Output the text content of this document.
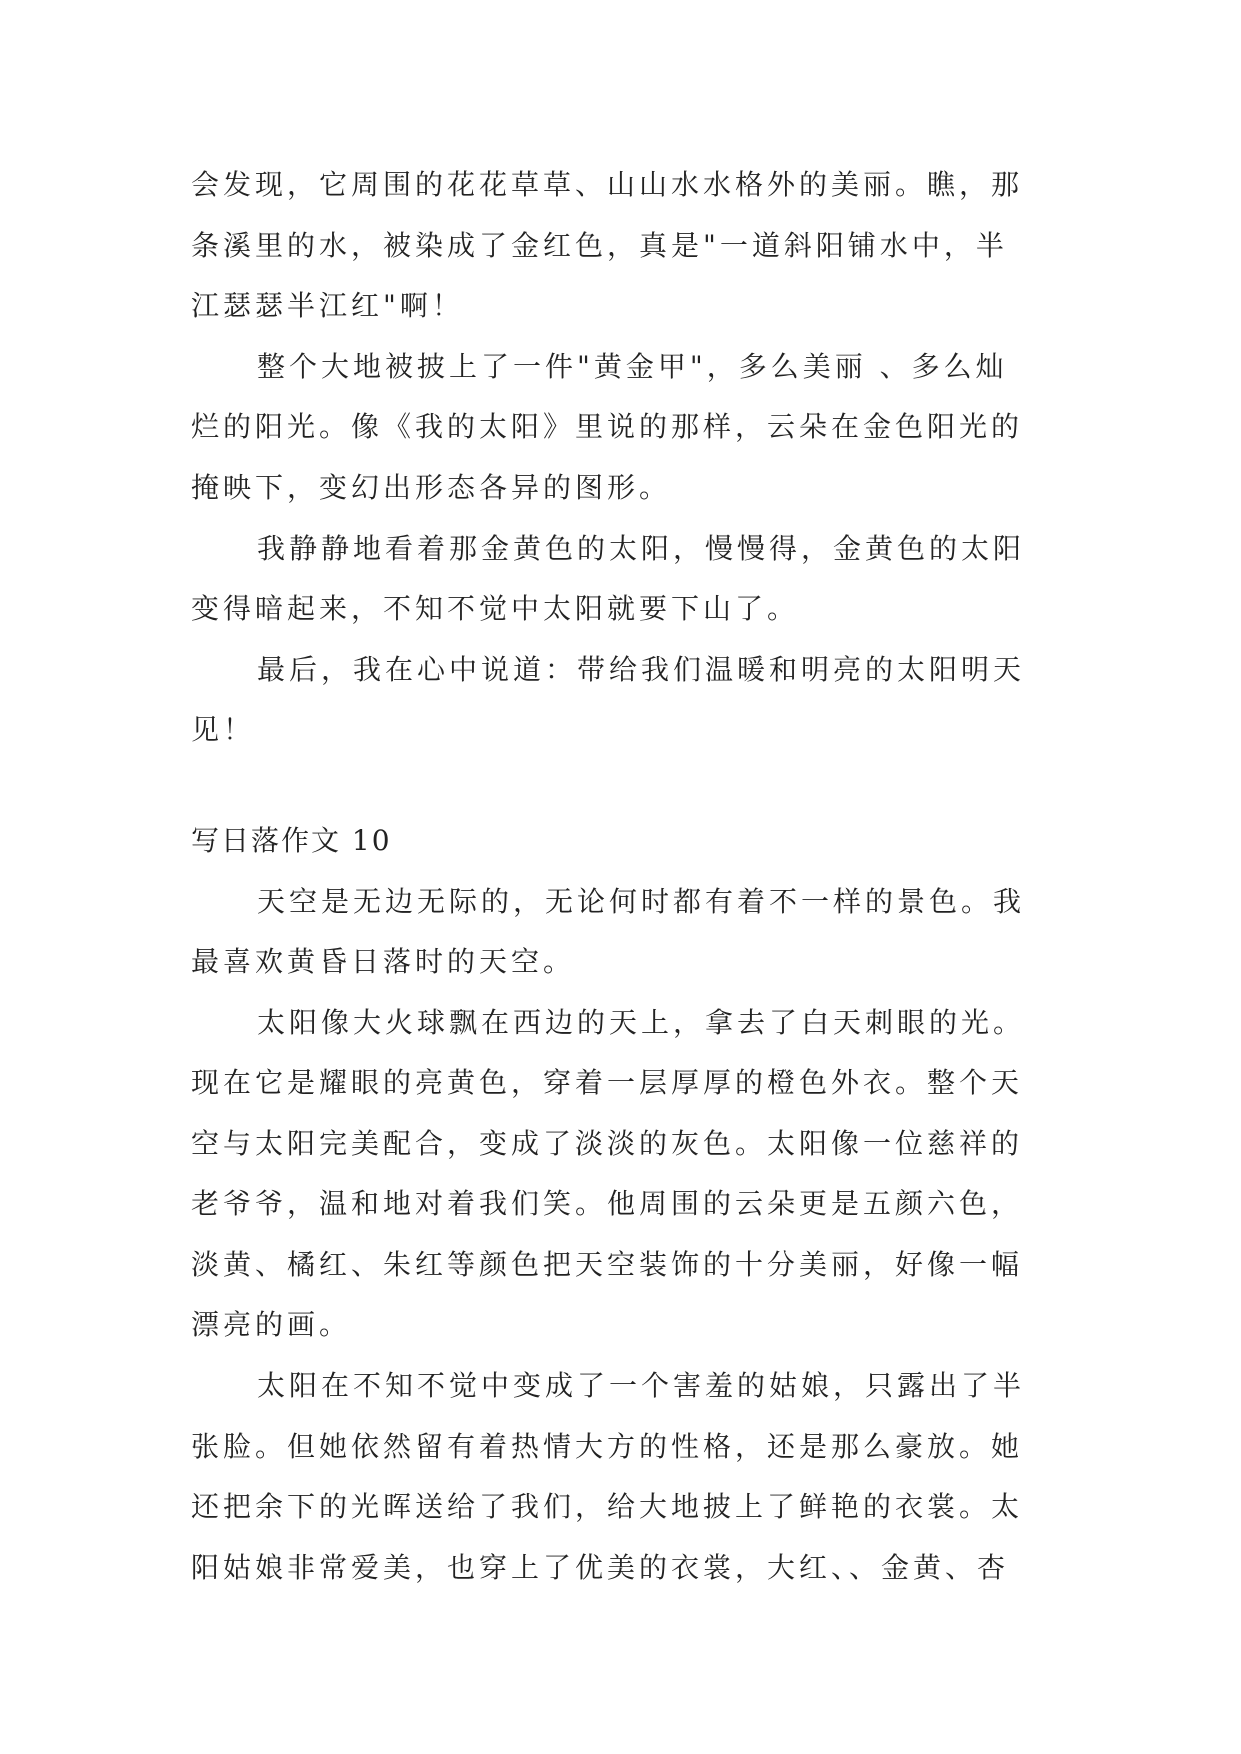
会发现，它周围的花花草草、山山水水格外的美丽。瞧，那

条溪里的水，被染成了金红色，真是"一道斜阳铺水中，半

江瑟瑟半江红"啊！

整个大地被披上了一件"黄金甲"，多么美丽 、多么灿

烂的阳光。像《我的太阳》里说的那样，云朵在金色阳光的

掩映下，变幻出形态各异的图形。

我静静地看着那金黄色的太阳，慢慢得，金黄色的太阳

变得暗起来，不知不觉中太阳就要下山了。

最后，我在心中说道：带给我们温暖和明亮的太阳明天

见！

写日落作文 10

天空是无边无际的，无论何时都有着不一样的景色。我

最喜欢黄昏日落时的天空。

太阳像大火球飘在西边的天上，拿去了白天刺眼的光。

现在它是耀眼的亮黄色，穿着一层厚厚的橙色外衣。整个天

空与太阳完美配合，变成了淡淡的灰色。太阳像一位慈祥的

老爷爷，温和地对着我们笑。他周围的云朵更是五颜六色，

淡黄、橘红、朱红等颜色把天空装饰的十分美丽，好像一幅

漂亮的画。

太阳在不知不觉中变成了一个害羞的姑娘，只露出了半

张脸。但她依然留有着热情大方的性格，还是那么豪放。她

还把余下的光晖送给了我们，给大地披上了鲜艳的衣裳。太

阳姑娘非常爱美，也穿上了优美的衣裳，大红、、金黄、杏
